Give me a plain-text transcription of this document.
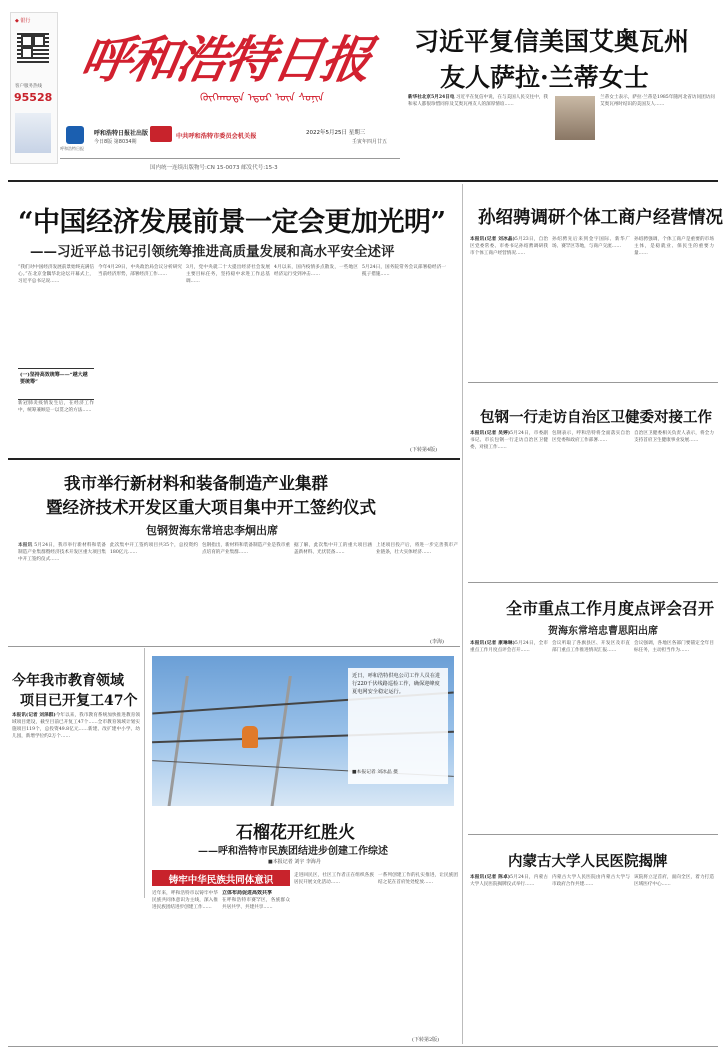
◆ 银行
客户服务热线
95528
呼和浩特日报
ᠬᠥᠬᠡᠬᠣᠲᠠ ᠡᠳᠦᠷ ᠦᠨ ᠰᠣᠨᠢᠨ
呼和浩特日报
呼和浩特日报社出版
今日8版 第8034期
中共呼和浩特市委员会机关报	2022年5月25日 星期三
壬寅年四月廿五
国内统一连续出版物号:CN 15-0073 邮发代号:15-3
习近平复信美国艾奥瓦州
友人萨拉·兰蒂女士
新华社北京5月24日电 习近平在复信中说，在与美国人民交往中，我和家人都很珍惜同你及艾奥瓦州友人的深厚情谊……
兰蒂女士表示，萨拉·兰蒂是1985年随河北省访问团访问艾奥瓦州时结识的美国友人……
“中国经济发展前景一定会更加光明”
——习近平总书记引领统筹推进高质量发展和高水平安全述评
“我们对中国经济发展前景始终充满信心。”在北京金隅华北论坛开幕式上，习近平总书记说……
(一)坚持高效统筹——“越大越要统筹”
新冠肺炎疫情发生后，在经济工作中，统筹兼顾是一以贯之的方法……
今年4月29日，中央政治局会议分析研究当前经济形势，部署经济工作……
3月，党中央就二十大提出经济社会发展主要目标任务，坚持稳中求进工作总基调……
4月以来，国内疫情多点散发，一些地区经济运行受到冲击……
5月24日，国务院常务会议部署稳经济一揽子措施……
(下转第4版)
孙绍骋调研个体工商户经营情况
本报讯(记者 刘冰晶)5月23日，自治区党委常委、市委书记孙绍骋调研我市个体工商户经营情况……
孙绍骋先后来到金宇国际、新华广场、赛罕区等地，与商户交流……
孙绍骋强调，个体工商户是重要的市场主体，是稳就业、保民生的重要力量……
包钢一行走访自治区卫健委对接工作
本报讯(记者 吴婷)5月24日，市委副书记、市长包钢一行走访自治区卫健委，对接工作……
包钢表示，呼和浩特将全面落实自治区党委和政府工作部署……
自治区卫健委相关负责人表示，将全力支持首府卫生健康事业发展……
我市举行新材料和装备制造产业集群
暨经济技术开发区重大项目集中开工签约仪式
包钢贺海东常培忠李炯出席
本报讯 5月24日，我市举行新材料和装备制造产业集群暨经济技术开发区重大项目集中开工签约仪式……
此次集中开工签约项目共35个，总投资约180亿元……
包钢指出，新材料和装备制造产业是我市重点培育的产业集群……
据了解，此次集中开工的重大项目涵盖新材料、光伏装备……
上述项目投产后，将进一步完善我市产业链条，壮大实体经济……
(李海)
全市重点工作月度点评会召开
贺海东常培忠曹思阳出席
本报讯(记者 康琳琳)5月24日，全市重点工作月度点评会召开……
会议听取了各旗县区、开发区及市直部门重点工作推进情况汇报……
会议强调，各地区各部门要锚定全年目标任务，主动担当作为……
今年我市教育领域
项目已开复工47个
本报讯(记者 刘泽群)今年以来，我市教育系统加快推进教育领域项目建设，截至目前已开复工47个……全市教育领域计划实施项目119个，总投资49.8亿元……新建、改扩建中小学、幼儿园，新增学位约2万个……
近日，呼和浩特供电公司工作人员在进行220千伏线路巡检工作，确保迎峰度夏电网安全稳定运行。
■本报记者 刘冰晶 摄
石榴花开红胜火
——呼和浩特市民族团结进步创建工作综述
■本报记者 刘宇 李海丹
铸牢中华民族共同体意识
近年来，呼和浩特市以铸牢中华民族共同体意识为主线，深入推进民族团结进步创建工作……
立体布局促进高效共享
在呼和浩特市赛罕区，各族群众共居共学、共建共享……
走进回民区，社区工作者正在组织各族居民开展文化活动……
一系列创建工作的扎实推进，让民族团结之花在首府处处绽放……
(下转第2版)
内蒙古大学人民医院揭牌
本报讯(记者 陈卓)5月24日，内蒙古大学人民医院揭牌仪式举行……
内蒙古大学人民医院由内蒙古大学与市政府合作共建……
该院将立足首府，面向全区，着力打造区域医疗中心……
